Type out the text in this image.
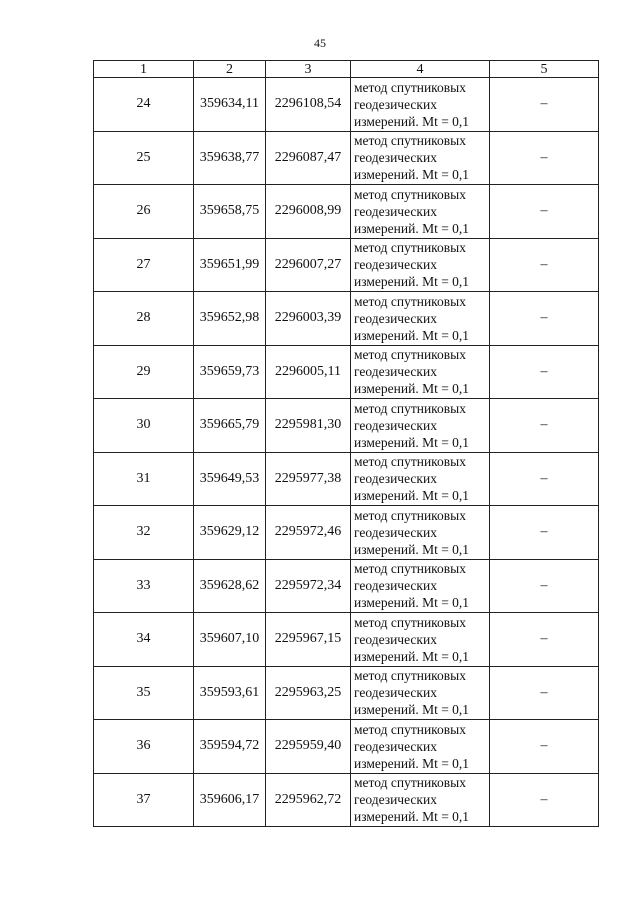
45
1	2	3	4	5
24	359634,11	2296108,54	метод спутниковых
геодезических
измерений. Mt = 0,1	–
25	359638,77	2296087,47	метод спутниковых
геодезических
измерений. Mt = 0,1	–
26	359658,75	2296008,99	метод спутниковых
геодезических
измерений. Mt = 0,1	–
27	359651,99	2296007,27	метод спутниковых
геодезических
измерений. Mt = 0,1	–
28	359652,98	2296003,39	метод спутниковых
геодезических
измерений. Mt = 0,1	–
29	359659,73	2296005,11	метод спутниковых
геодезических
измерений. Mt = 0,1	–
30	359665,79	2295981,30	метод спутниковых
геодезических
измерений. Mt = 0,1	–
31	359649,53	2295977,38	метод спутниковых
геодезических
измерений. Mt = 0,1	–
32	359629,12	2295972,46	метод спутниковых
геодезических
измерений. Mt = 0,1	–
33	359628,62	2295972,34	метод спутниковых
геодезических
измерений. Mt = 0,1	–
34	359607,10	2295967,15	метод спутниковых
геодезических
измерений. Mt = 0,1	–
35	359593,61	2295963,25	метод спутниковых
геодезических
измерений. Mt = 0,1	–
36	359594,72	2295959,40	метод спутниковых
геодезических
измерений. Mt = 0,1	–
37	359606,17	2295962,72	метод спутниковых
геодезических
измерений. Mt = 0,1	–
